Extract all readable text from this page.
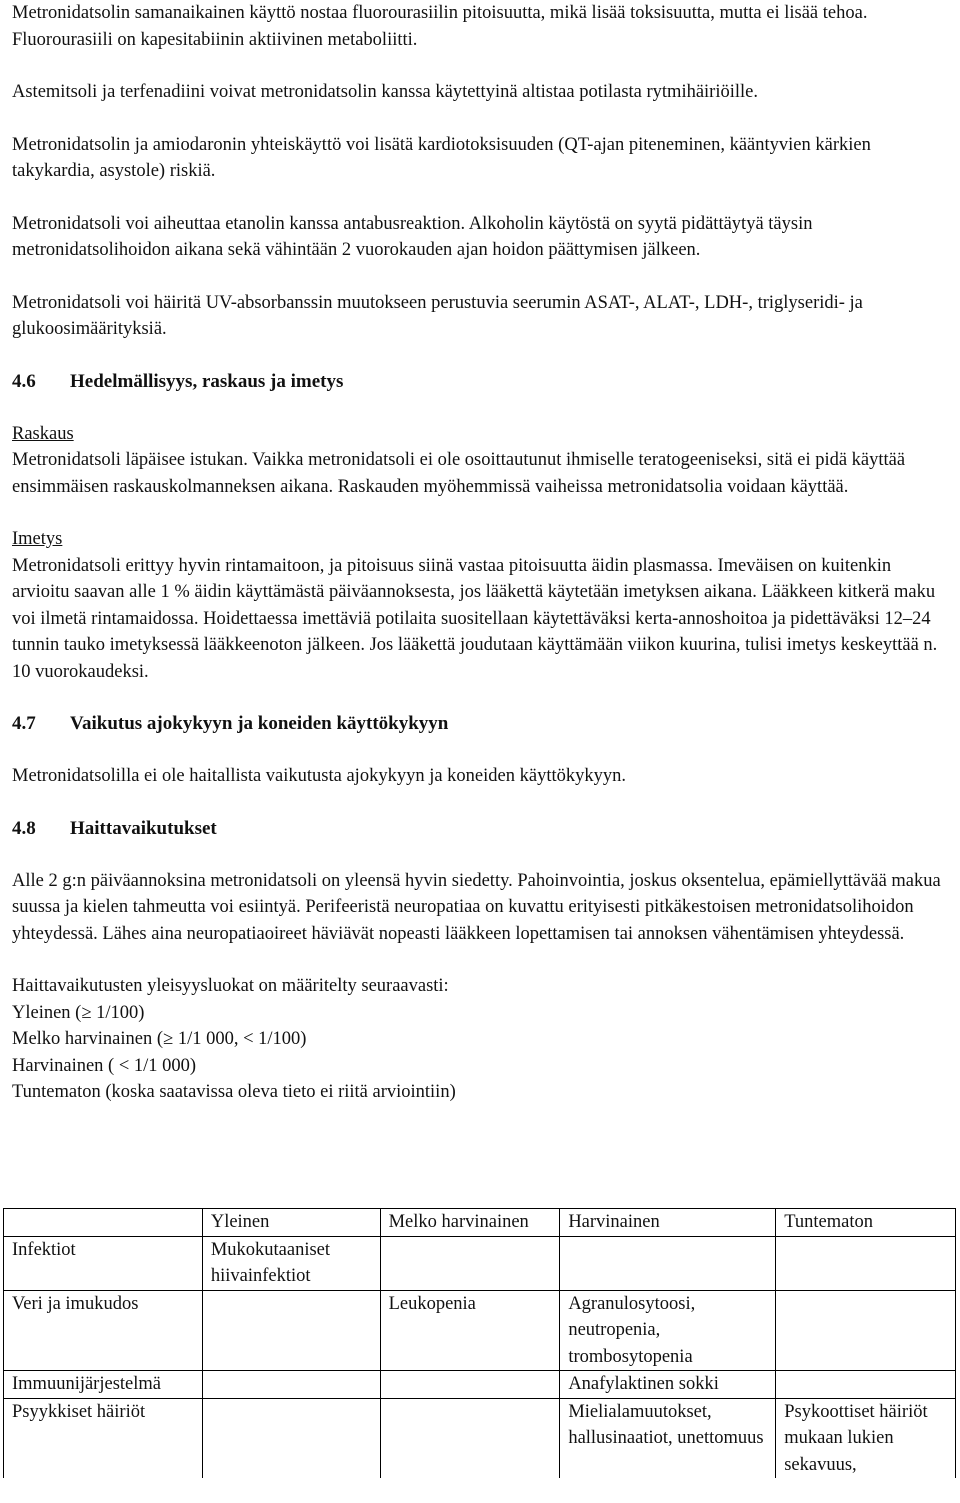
Metronidatsolin samanaikainen käyttö nostaa fluorourasiilin pitoisuutta, mikä lisää toksisuutta, mutta ei lisää tehoa. Fluorourasiili on kapesitabiinin aktiivinen metaboliitti.

Astemitsoli ja terfenadiini voivat metronidatsolin kanssa käytettyinä altistaa potilasta rytmihäiriöille.

Metronidatsolin ja amiodaronin yhteiskäyttö voi lisätä kardiotoksisuuden (QT-ajan piteneminen, kääntyvien kärkien takykardia, asystole) riskiä.

Metronidatsoli voi aiheuttaa etanolin kanssa antabusreaktion. Alkoholin käytöstä on syytä pidättäytyä täysin metronidatsolihoidon aikana sekä vähintään 2 vuorokauden ajan hoidon päättymisen jälkeen.

Metronidatsoli voi häiritä UV-absorbanssin muutokseen perustuvia seerumin ASAT-, ALAT-, LDH-, triglyseridi- ja glukoosimäärityksiä.

4.6 Hedelmällisyys, raskaus ja imetys

Raskaus

Metronidatsoli läpäisee istukan. Vaikka metronidatsoli ei ole osoittautunut ihmiselle teratogeeniseksi, sitä ei pidä käyttää ensimmäisen raskauskolmanneksen aikana. Raskauden myöhemmissä vaiheissa metronidatsolia voidaan käyttää.

Imetys

Metronidatsoli erittyy hyvin rintamaitoon, ja pitoisuus siinä vastaa pitoisuutta äidin plasmassa. Imeväisen on kuitenkin arvioitu saavan alle 1 % äidin käyttämästä päiväannoksesta, jos lääkettä käytetään imetyksen aikana. Lääkkeen kitkerä maku voi ilmetä rintamaidossa. Hoidettaessa imettäviä potilaita suositellaan käytettäväksi kerta-annoshoitoa ja pidettäväksi 12–24 tunnin tauko imetyksessä lääkkeenoton jälkeen. Jos lääkettä joudutaan käyttämään viikon kuurina, tulisi imetys keskeyttää n. 10 vuorokaudeksi.

4.7 Vaikutus ajokykyyn ja koneiden käyttökykyyn

Metronidatsolilla ei ole haitallista vaikutusta ajokykyyn ja koneiden käyttökykyyn.

4.8 Haittavaikutukset

Alle 2 g:n päiväannoksina metronidatsoli on yleensä hyvin siedetty. Pahoinvointia, joskus oksentelua, epämiellyttävää makua suussa ja kielen tahmeutta voi esiintyä. Perifeeristä neuropatiaa on kuvattu erityisesti pitkäkestoisen metronidatsolihoidon yhteydessä. Lähes aina neuropatiaoireet häviävät nopeasti lääkkeen lopettamisen tai annoksen vähentämisen yhteydessä.

Haittavaikutusten yleisyysluokat on määritelty seuraavasti:

Yleinen (≥ 1/100)

Melko harvinainen (≥ 1/1 000, < 1/100)

Harvinainen ( < 1/1 000)

Tuntematon (koska saatavissa oleva tieto ei riitä arviointiin)

	Yleinen	Melko harvinainen	Harvinainen	Tuntematon
Infektiot	Mukokutaaniset hiivainfektiot			
Veri ja imukudos		Leukopenia	Agranulosytoosi, neutropenia, trombosytopenia	
Immuunijärjestelmä			Anafylaktinen sokki	
Psyykkiset häiriöt			Mielialamuutokset, hallusinaatiot, unettomuus	Psykoottiset häiriöt mukaan lukien sekavuus,
